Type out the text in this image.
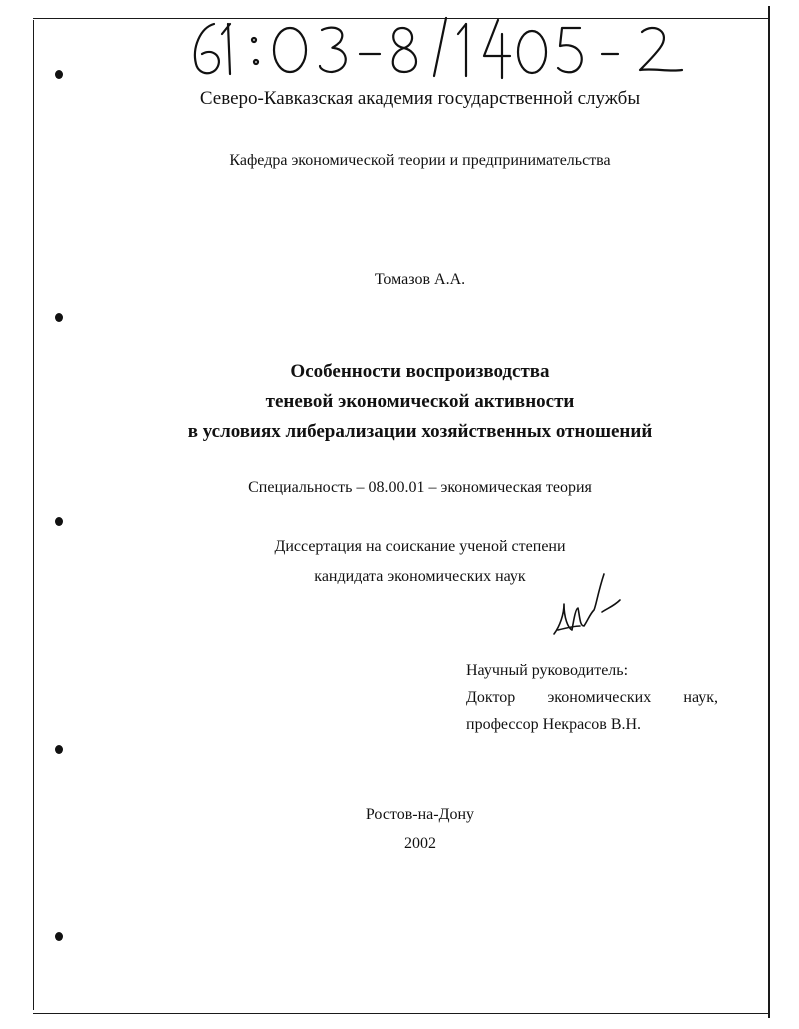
Северо-Кавказская академия государственной службы
Кафедра экономической теории и предпринимательства
Томазов А.А.
Особенности воспроизводства
теневой экономической активности
в условиях либерализации хозяйственных отношений
Специальность – 08.00.01 – экономическая теория
Диссертация на соискание ученой степени
кандидата экономических наук
Научный руководитель:
Доктор экономических наук,
профессор Некрасов В.Н.
Ростов-на-Дону
2002
